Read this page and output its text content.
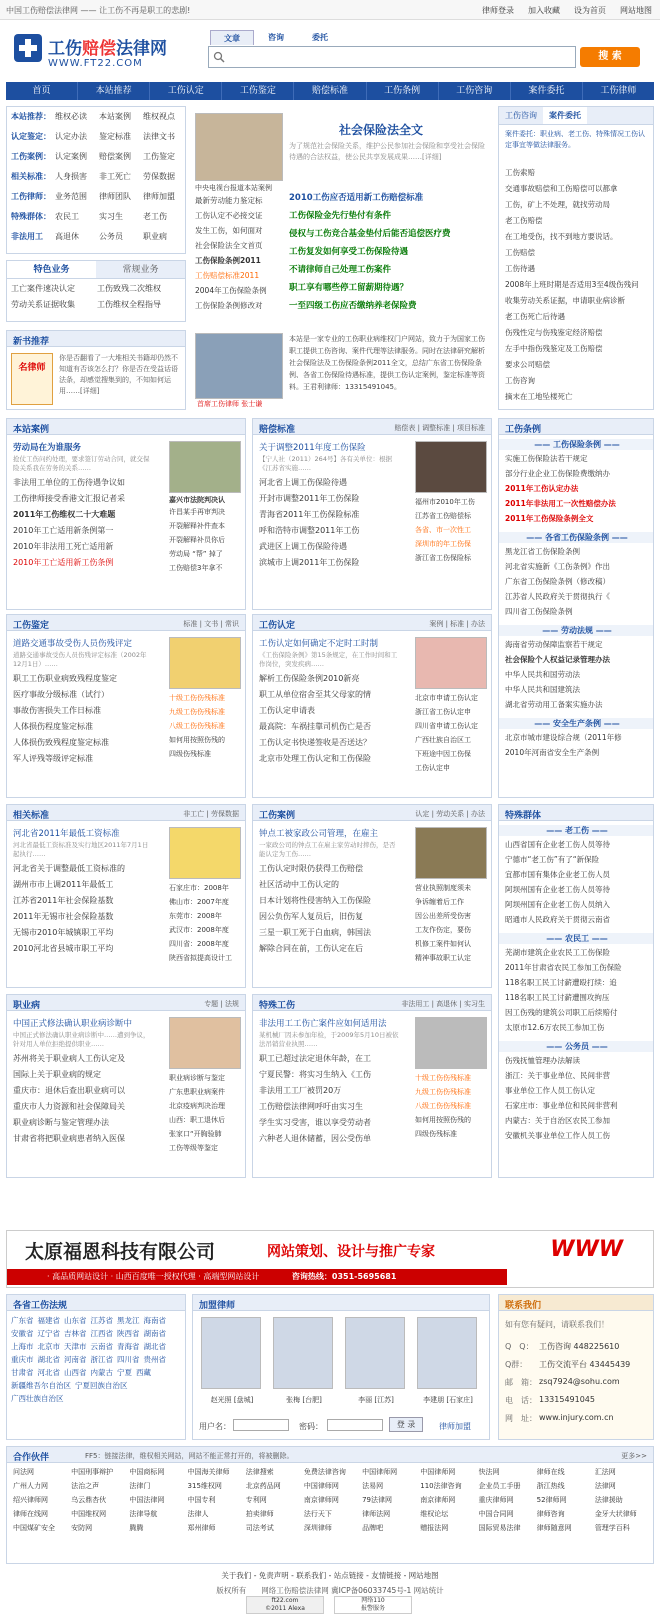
中国工伤赔偿法律网 —— 让工伤不再是职工的悲剧!	律师登录 加入收藏 设为首页 网站地图
工伤赔偿法律网
WWW.FT22.COM
文章	咨询	委托
搜 索
首页	本站推荐	工伤认定	工伤鉴定	赔偿标准	工伤条例	工伤咨询	案件委托	工伤律师
本站推荐： 维权必读 本站案例 维权视点
认定鉴定： 认定办法 鉴定标准 法律文书
工伤案例： 认定案例 赔偿案例 工伤鉴定
相关标准： 人身损害 非工死亡 劳保数据
工伤律师： 业务范围 律师团队 律师加盟
特殊群体： 农民工	实习生	老工伤
非法用工 高退休	公务员	职业病
特色业务	常规业务
工亡案件速决认定	工伤致残二次维权
劳动关系证据收集	工伤维权全程指导
新书推荐
名律师
你是否翻看了一大堆相关书籍却仍然不知道有否该怎么打？你是否在受益话语法条，却感觉搜集到的，不知如何运用……[详细]
中央电视台报道本站案例
社会保险法全文
为了规范社会保险关系，维护公民参加社会保险和享受社会保险待遇的合法权益，使公民共享发展成果……[详细]
最新劳动能力鉴定标
工伤认定不必接交证
发生工伤，如何面对
社会保险法全文首页
工伤保险条例2011
工伤赔偿标准2011
2004年工伤保险条例
工伤保险条例修改对
2010工伤应否适用新工伤赔偿标准
工伤保险金先行垫付有条件
侵权与工伤竞合基金垫付后能否追偿医疗费
工伤复发如何享受工伤保险待遇
不请律师自己处理工伤案件
职工享有哪些停工留薪期待遇？
一至四级工伤应否缴纳养老保险费
首席工伤律师 张士谦
本站是一家专业的工伤职业病维权门户网站，致力于为国家工伤职工提供工伤咨询、案件代理等法律服务。同时在法律研究解析社会保险法及工伤保险条例2011全文，总结广东省工伤保险条例、各省工伤保险待遇标准，提供工伤认定案例，鉴定标准等资料。王君利律师：13315491045。
工伤咨询	案件委托
案件委托：职业病、老工伤、特殊情况工伤认定事宜等做法律服务。
工伤索赔
交通事故赔偿和工伤赔偿可以都拿
工伤，矿上不处理，就找劳动局
老工伤赔偿
在工地受伤，找不到地方要说话。
工伤赔偿
工伤待遇
2008年上班时期是否适用3至4级伤残问
收集劳动关系证据，申请职业病诊断
老工伤死亡后待遇
伤残性定与伤残鉴定经济赔偿
左手中指伤残鉴定及工伤赔偿
要求公司赔偿
工伤咨询
摘末在工地坠楼死亡
本站案例
劳动局在为谁服务
抢仗工伤问约处理，要求签订劳动合同，就交保险关系我在劳务的关系……
非法用工单位的工伤待遇争议如
工伤律师接受香港文汇报记者采
2011年工伤维权二十大难题
2010年工亡适用新条例第一
2010年非法用工死亡适用新
2010年工亡适用新工伤条例
嘉兴市法院判决认
许昌某手再审判决
开裂解释补件查本
开裂解释补员你后
劳动局 “帮” 掉了
工伤赔偿3年拿不
赔偿标准	赔偿表 | 调整标准 | 项目标准
关于调整2011年度工伤保险
【宁人社（2011）264号】各有关单位：根据《江苏省实施……
河北省上调工伤保险待遇
开封市调整2011年工伤保险
青海省2011年工伤保险标准
呼和浩特市调整2011年工伤
武进区上调工伤保险待遇
滨城市上调2011年工伤保险
福州市2010年工伤
江苏省工伤赔偿标
各省、市一次性工
深圳市的年工伤保
浙江省工伤保险标
工伤鉴定	标准 | 文书 | 常识
道路交通事故受伤人员伤残评定
道路交通事故受伤人员伤残评定标准（2002年12月1日）……
职工工伤职业病致残程度鉴定
医疗事故分级标准（试行）
事故伤害损失工作日标准
人体损伤程度鉴定标准
人体损伤致残程度鉴定标准
军人评残等级评定标准
十级工伤伤残标准
九级工伤伤残标准
八级工伤伤残标准
如何用按照伤残的
四级伤残标准
工伤认定	案例 | 标准 | 办法
工伤认定如何确定不定时工时制
《工伤保险条例》第15条规定，在工作时间和工作岗位，突发疾病……
解析工伤保险条例2010新亮
职工从单位宿舍至其父母家的情
工伤认定申请表
最高院：车祸挂靠司机伤亡是否
工伤认定书快递签收是否送达？
北京市处理工伤认定和工伤保险
北京市申请工伤认定
浙江省工伤认定申
四川省申请工伤认定
广西壮族自治区工
下班途中因工伤保
工伤认定申
相关标准	非工亡 | 劳保数据
河北省2011年最低工资标准
河北省最低工资标准及实行地区2011年7月1日起执行……
河北省关于调整最低工资标准的
湖州市市上调2011年最低工
江苏省2011年社会保险基数
2011年无锡市社会保险基数
无锡市2010年城镇职工平均
2010河北省县城市职工平均
石家庄市：2008年
佛山市：2007年度
东莞市：2008年
武汉市：2008年度
四川省：2008年度
陕西省拟提高设计工
工伤案例	认定 | 劳动关系 | 办法
钟点工被家政公司管理，在雇主
一家政公司的钟点工在雇主家劳动时摔伤，是否能认定为工伤……
工伤认定时限仍获得工伤赔偿
社区活动中工伤认定的
日本计划将性侵害纳入工伤保险
因公负伤军人复员后，旧伤复
三星一职工死于白血病，韩国法
解除合同在前，工伤认定在后
营业执照制度须未
争诉缠着后工作
因公出差所受伤害
工友作伤定，要伤
机修工案件如何认
精神事故职工认定
职业病	专题 | 法规
中国正式修法确认职业病诊断中
中国正式修法确认职业病诊断中……遭到争议，针对用人单位拒绝提供职业……
苏州将关于职业病人工伤认定及
国际上关于职业病的规定
重庆市：退休后查出职业病可以
重庆市人力资源和社会保障局关
职业病诊断与鉴定管理办法
甘肃省将把职业病患者纳入医保
职业病诊断与鉴定
广东患职业病案件
北京疫病判决治理
山西：职工退休后
张家口“开胸验肺
工伤等级等鉴定
特殊工伤	非法用工 | 高退休 | 实习生
非法用工工伤亡案件应如何适用法
某机械厂因未参加年检，于2009年5月10日被依法吊销营业执照……
职工已超过法定退休年龄，在工
宁夏民警：将实习生纳入《工伤
非法用工工厂被罚20万
工伤赔偿法律网呼吁由实习生
学生实习受害，谁以享受劳动者
六种老人退休储蓄，因公受伤单
十级工伤伤残标准
九级工伤伤残标准
八级工伤伤残标准
如何用按照伤残的
四级伤残标准
工伤条例
—— 工伤保险条例 ——
实施工伤保险法若干规定
部分行业企业工伤保险费缴纳办
2011年工伤认定办法
2011年非法用工一次性赔偿办法
2011年工伤保险条例全文
—— 各省工伤保险条例 ——
黑龙江省工伤保险条例
河北省实施新《工伤条例》作出
广东省工伤保险条例（修改稿）
江苏省人民政府关于贯彻执行《
四川省工伤保险条例
—— 劳动法规 ——
海南省劳动保障监察若干规定
社会保险个人权益记录管理办法
中华人民共和国劳动法
中华人民共和国建筑法
湖北省劳动用工备案实施办法
—— 安全生产条例 ——
北京市城市建设综合规（2011年修
2010年河南省安全生产条例
特殊群体
—— 老工伤 ——
山西省国有企业老工伤人员等待
宁德市“老工伤”有了“新保险
宜都市国有集体企业老工伤人员
阿坝州国有企业老工伤人员等待
阿坝州国有企业老工伤人员纳入
昭通市人民政府关于贯彻云南省
—— 农民工 ——
芜湖市建筑企业农民工工伤保险
2011年甘肃省农民工参加工伤保险
118名职工民工讨薪遭殴打续：追
118名职工民工讨薪遭围攻拘压
因工伤残的建筑公司职工后续赔付
太原市12.6万农民工参加工伤
—— 公务员 ——
伤残抚恤管理办法解读
浙江：关于事业单位、民间非营
事业单位工作人员工伤认定
石家庄市：事业单位和民间非营利
内蒙古：关于自治区农民工参加
安徽机关事业单位工作人员工伤
太原福恩科技有限公司	网站策划、设计与推广专家
· 高品质网站设计 · 山西百度唯一授权代理 · 高端型网站设计	咨询热线：0351-5695681
WWW
各省工伤法规
广东省 福建省 山东省 江苏省 黑龙江 海南省
安徽省 辽宁省 吉林省 江西省 陕西省 湖南省
上海市 北京市 天津市 云南省 青海省 湖北省
重庆市 湖北省 河南省 浙江省 四川省 贵州省
甘肃省 河北省 山西省 内蒙古 宁夏 西藏
新疆维吾尔自治区 宁夏回族自治区
广西壮族自治区
加盟律师
用户名：	密码：	登 录	律师加盟
赵光照 [盘城]	张梅 [台肥]	李丽 [江苏]	李建朋 [石家庄]
联系我们
如有您有疑问，请联系我们！
Q　Q： 工伤咨询 448225610
Q群： 工伤交流平台 43445439
邮　箱： zsq7924@sohu.com
电　话： 13315491045
网　址： www.injury.com.cn
合作伙伴	FF5：链接法律，维权相关网站，网站不能正常打开的，将被删除。	更多>>
问法网	中国刑事辩护	中国商标网	中国海关律师	法律搜索	免费法律咨询	中国律师网	中国律师网	快法网	律师在线	汇法网
广州人力网	法治之声	法律门	315维权网	北京药品网	中国律师网	法易网	110法律咨询	企业员工手册	浙江热线	法律网
绍兴律师网	乌云鼎杏伙	中国法律网	中国专利	专利网	南京律师网	79法律网	南京律师网	重庆律师网	52律师网	法律援助
律师在线网	中国维权网	法律导航	法律人	拍卖律师	法行天下	律师法网	维权论坛	中国合同网	律师咨询	金牙大状律师
中国煤矿安全	安防网	腾腾	郑州律师	司法考试	深圳律师	品牌吧	赠报法网	国际贸易法律	律师随意网	管理学百科
关于我们 - 免责声明 - 联系我们 - 站点链接 - 友情链接 - 网站地图
版权所有　　网络工伤赔偿法律网 冀ICP备06033745号-1 网站统计
ft22.com
©2011 Alexa
网络110
报警服务
